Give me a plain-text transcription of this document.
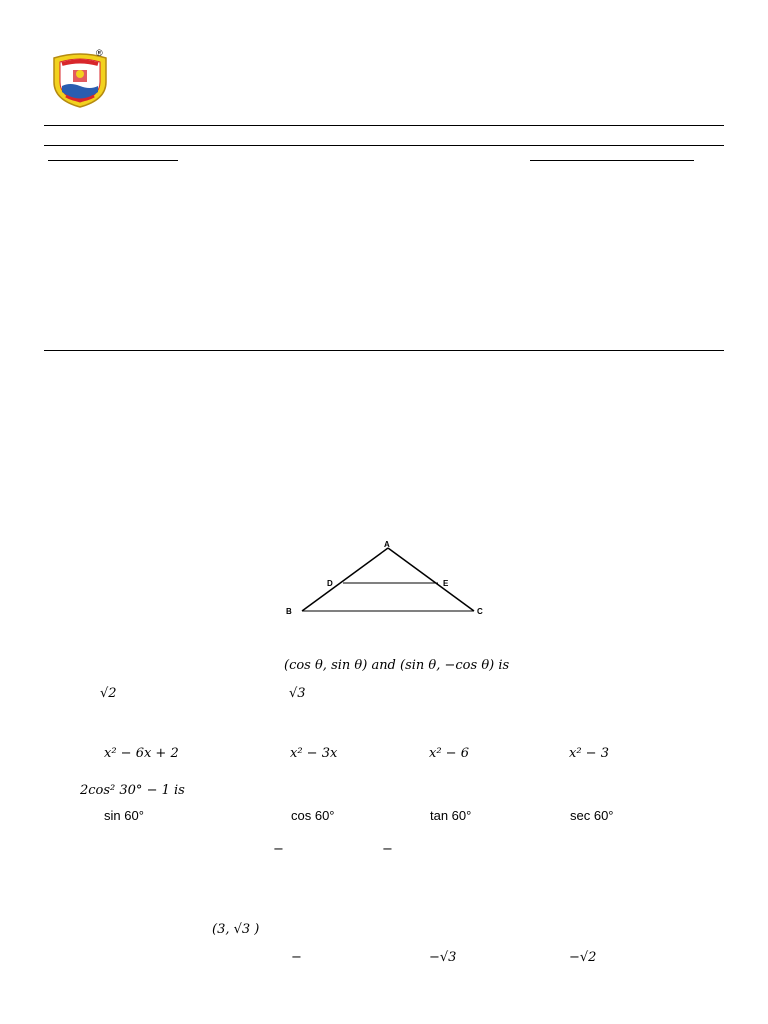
®
A
B	C
D	E
(cos θ, sin θ) and (sin θ, −cos θ) is
√2	√3
x² − 6x + 2	x² − 3x	x² − 6	x² − 3
2cos² 30° − 1 is
sin 60°	cos 60°	tan 60°	sec 60°
−	−
(3, √3 )
−	−√3	−√2
